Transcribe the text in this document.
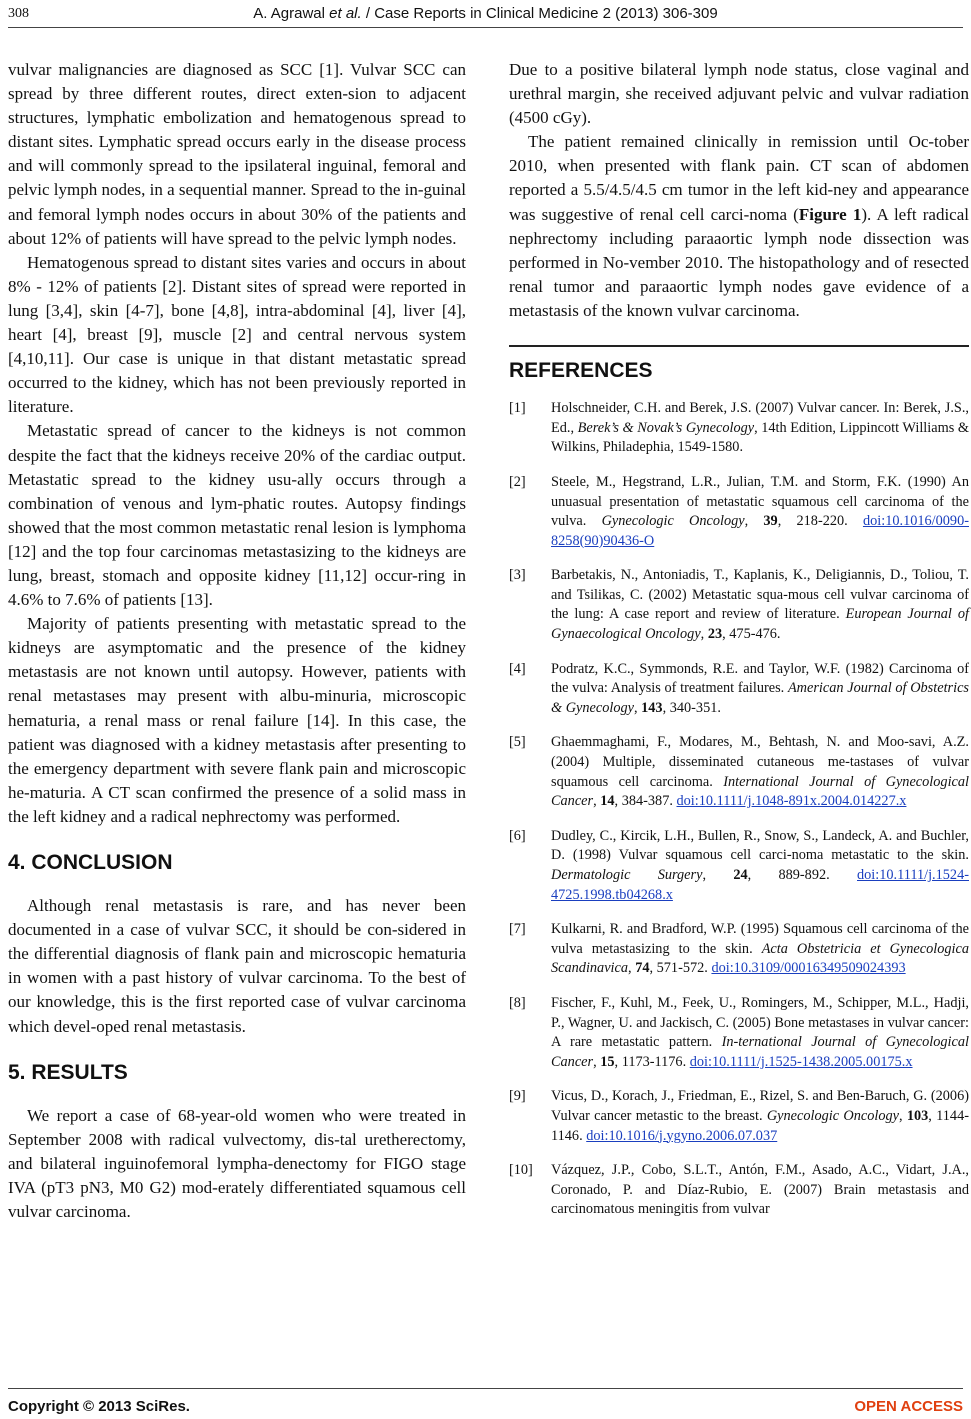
308	A. Agrawal et al. / Case Reports in Clinical Medicine 2 (2013) 306-309

vulvar malignancies are diagnosed as SCC [1]. Vulvar SCC can spread by three different routes, direct exten-sion to adjacent structures, lymphatic embolization and hematogenous spread to distant sites. Lymphatic spread occurs early in the disease process and will commonly spread to the ipsilateral inguinal, femoral and pelvic lymph nodes, in a sequential manner. Spread to the in-guinal and femoral lymph nodes occurs in about 30% of the patients and about 12% of patients will have spread to the pelvic lymph nodes.

Hematogenous spread to distant sites varies and occurs in about 8% - 12% of patients [2]. Distant sites of spread were reported in lung [3,4], skin [4-7], bone [4,8], intra-abdominal [4], liver [4], heart [4], breast [9], muscle [2] and central nervous system [4,10,11]. Our case is unique in that distant metastatic spread occurred to the kidney, which has not been previously reported in literature.

Metastatic spread of cancer to the kidneys is not common despite the fact that the kidneys receive 20% of the cardiac output. Metastatic spread to the kidney usu-ally occurs through a combination of venous and lym-phatic routes. Autopsy findings showed that the most common metastatic renal lesion is lymphoma [12] and the top four carcinomas metastasizing to the kidneys are lung, breast, stomach and opposite kidney [11,12] occur-ring in 4.6% to 7.6% of patients [13].

Majority of patients presenting with metastatic spread to the kidneys are asymptomatic and the presence of the kidney metastasis are not known until autopsy. However, patients with renal metastases may present with albu-minuria, microscopic hematuria, a renal mass or renal failure [14]. In this case, the patient was diagnosed with a kidney metastasis after presenting to the emergency department with severe flank pain and microscopic he-maturia. A CT scan confirmed the presence of a solid mass in the left kidney and a radical nephrectomy was performed.

4. CONCLUSION

Although renal metastasis is rare, and has never been documented in a case of vulvar SCC, it should be con-sidered in the differential diagnosis of flank pain and microscopic hematuria in women with a past history of vulvar carcinoma. To the best of our knowledge, this is the first reported case of vulvar carcinoma which devel-oped renal metastasis.

5. RESULTS

We report a case of 68-year-old women who were treated in September 2008 with radical vulvectomy, dis-tal uretherectomy, and bilateral inguinofemoral lympha-denectomy for FIGO stage IVA (pT3 pN3, M0 G2) mod-erately differentiated squamous cell vulvar carcinoma.

Due to a positive bilateral lymph node status, close vaginal and urethral margin, she received adjuvant pelvic and vulvar radiation (4500 cGy).

The patient remained clinically in remission until Oc-tober 2010, when presented with flank pain. CT scan of abdomen reported a 5.5/4.5/4.5 cm tumor in the left kid-ney and appearance was suggestive of renal cell carci-noma (Figure 1). A left radical nephrectomy including paraaortic lymph node dissection was performed in No-vember 2010. The histopathology and of resected renal tumor and paraaortic lymph nodes gave evidence of a metastasis of the known vulvar carcinoma.

REFERENCES
[1] Holschneider, C.H. and Berek, J.S. (2007) Vulvar cancer. In: Berek, J.S., Ed., Berek’s & Novak’s Gynecology, 14th Edition, Lippincott Williams & Wilkins, Philadephia, 1549-1580.
[2] Steele, M., Hegstrand, L.R., Julian, T.M. and Storm, F.K. (1990) An unuasual presentation of metastatic squamous cell carcinoma of the vulva. Gynecologic Oncology, 39, 218-220. doi:10.1016/0090-8258(90)90436-O
[3] Barbetakis, N., Antoniadis, T., Kaplanis, K., Deligiannis, D., Toliou, T. and Tsilikas, C. (2002) Metastatic squa-mous cell vulvar carcinoma of the lung: A case report and review of literature. European Journal of Gynaecological Oncology, 23, 475-476.
[4] Podratz, K.C., Symmonds, R.E. and Taylor, W.F. (1982) Carcinoma of the vulva: Analysis of treatment failures. American Journal of Obstetrics & Gynecology, 143, 340-351.
[5] Ghaemmaghami, F., Modares, M., Behtash, N. and Moo-savi, A.Z. (2004) Multiple, disseminated cutaneous me-tastases of vulvar squamous cell carcinoma. International Journal of Gynecological Cancer, 14, 384-387. doi:10.1111/j.1048-891x.2004.014227.x
[6] Dudley, C., Kircik, L.H., Bullen, R., Snow, S., Landeck, A. and Buchler, D. (1998) Vulvar squamous cell carci-noma metastatic to the skin. Dermatologic Surgery, 24, 889-892. doi:10.1111/j.1524-4725.1998.tb04268.x
[7] Kulkarni, R. and Bradford, W.P. (1995) Squamous cell carcinoma of the vulva metastasizing to the skin. Acta Obstetricia et Gynecologica Scandinavica, 74, 571-572. doi:10.3109/00016349509024393
[8] Fischer, F., Kuhl, M., Feek, U., Romingers, M., Schipper, M.L., Hadji, P., Wagner, U. and Jackisch, C. (2005) Bone metastases in vulvar cancer: A rare metastatic pattern. In-ternational Journal of Gynecological Cancer, 15, 1173-1176. doi:10.1111/j.1525-1438.2005.00175.x
[9] Vicus, D., Korach, J., Friedman, E., Rizel, S. and Ben-Baruch, G. (2006) Vulvar cancer metastic to the breast. Gynecologic Oncology, 103, 1144-1146. doi:10.1016/j.ygyno.2006.07.037
[10] Vázquez, J.P., Cobo, S.L.T., Antón, F.M., Asado, A.C., Vidart, J.A., Coronado, P. and Díaz-Rubio, E. (2007) Brain metastasis and carcinomatous meningitis from vulvar
Copyright © 2013 SciRes.	OPEN ACCESS
